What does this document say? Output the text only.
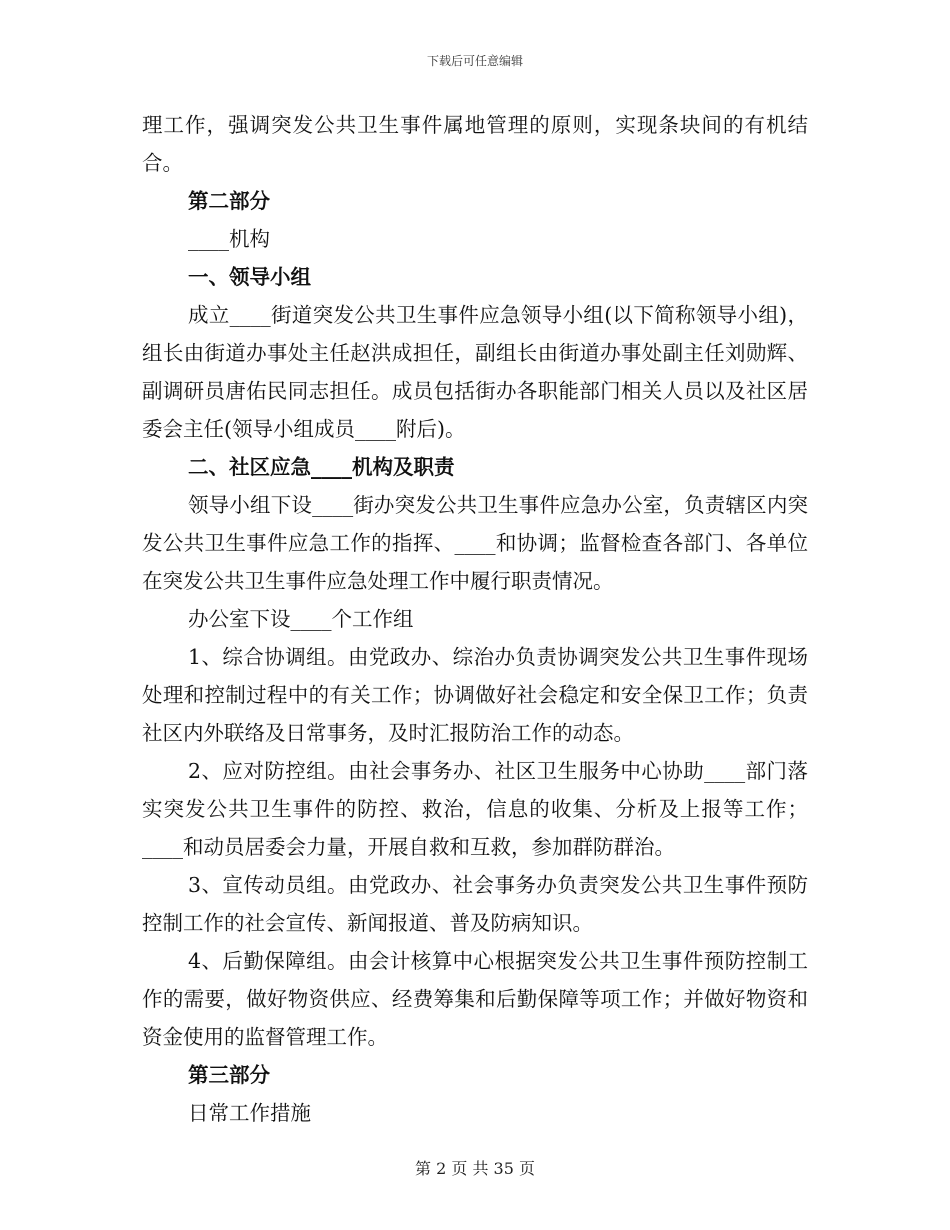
下载后可任意编辑

理工作，强调突发公共卫生事件属地管理的原则，实现条块间的有机结合。

第二部分

____机构

一、领导小组

成立____街道突发公共卫生事件应急领导小组(以下简称领导小组)，组长由街道办事处主任赵洪成担任，副组长由街道办事处副主任刘勋辉、副调研员唐佑民同志担任。成员包括街办各职能部门相关人员以及社区居委会主任(领导小组成员____附后)。

二、社区应急____机构及职责

领导小组下设____街办突发公共卫生事件应急办公室，负责辖区内突发公共卫生事件应急工作的指挥、____和协调；监督检查各部门、各单位在突发公共卫生事件应急处理工作中履行职责情况。

办公室下设____个工作组

1、综合协调组。由党政办、综治办负责协调突发公共卫生事件现场处理和控制过程中的有关工作；协调做好社会稳定和安全保卫工作；负责社区内外联络及日常事务，及时汇报防治工作的动态。

2、应对防控组。由社会事务办、社区卫生服务中心协助____部门落实突发公共卫生事件的防控、救治，信息的收集、分析及上报等工作；____和动员居委会力量，开展自救和互救，参加群防群治。

3、宣传动员组。由党政办、社会事务办负责突发公共卫生事件预防控制工作的社会宣传、新闻报道、普及防病知识。

4、后勤保障组。由会计核算中心根据突发公共卫生事件预防控制工作的需要，做好物资供应、经费筹集和后勤保障等项工作；并做好物资和资金使用的监督管理工作。

第三部分

日常工作措施

第 2 页 共 35 页
